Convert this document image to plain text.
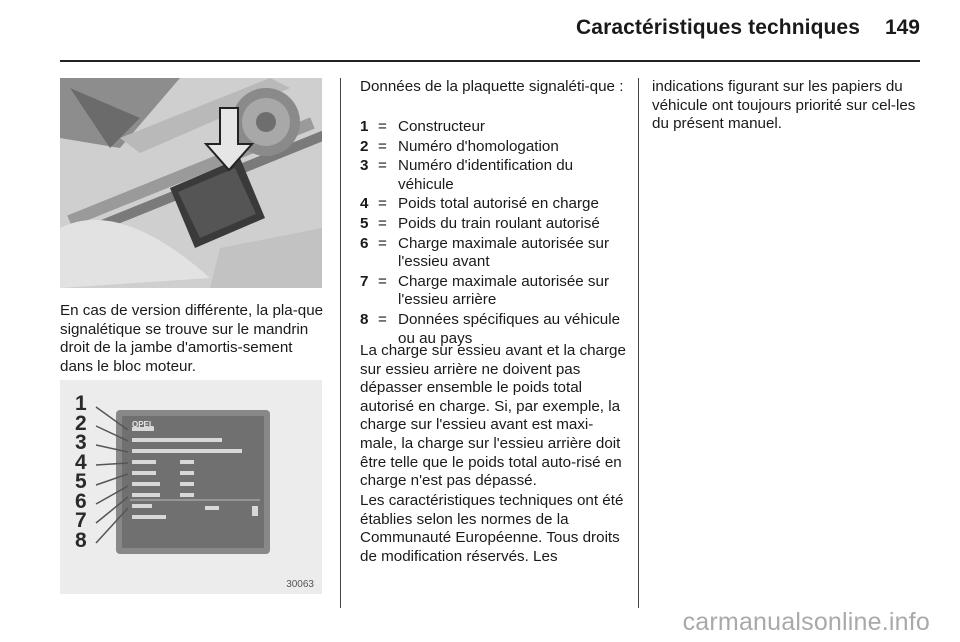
Caractéristiques techniques	149

En cas de version différente, la pla-que signalétique se trouve sur le mandrin droit de la jambe d'amortis-sement dans le bloc moteur.

1
2
3
4
5
6
7
8
OPEL
30063

Données de la plaquette signaléti-que :

1 = Constructeur
2 = Numéro d'homologation
3 = Numéro d'identification du véhicule
4 = Poids total autorisé en charge
5 = Poids du train roulant autorisé
6 = Charge maximale autorisée sur l'essieu avant
7 = Charge maximale autorisée sur l'essieu arrière
8 = Données spécifiques au véhicule ou au pays

La charge sur essieu avant et la charge sur essieu arrière ne doivent pas dépasser ensemble le poids total autorisé en charge. Si, par exemple, la charge sur l'essieu avant est maxi-male, la charge sur l'essieu arrière doit être telle que le poids total auto-risé en charge n'est pas dépassé.

Les caractéristiques techniques ont été établies selon les normes de la Communauté Européenne. Tous droits de modification réservés. Les

indications figurant sur les papiers du véhicule ont toujours priorité sur cel-les du présent manuel.

carmanualsonline.info
